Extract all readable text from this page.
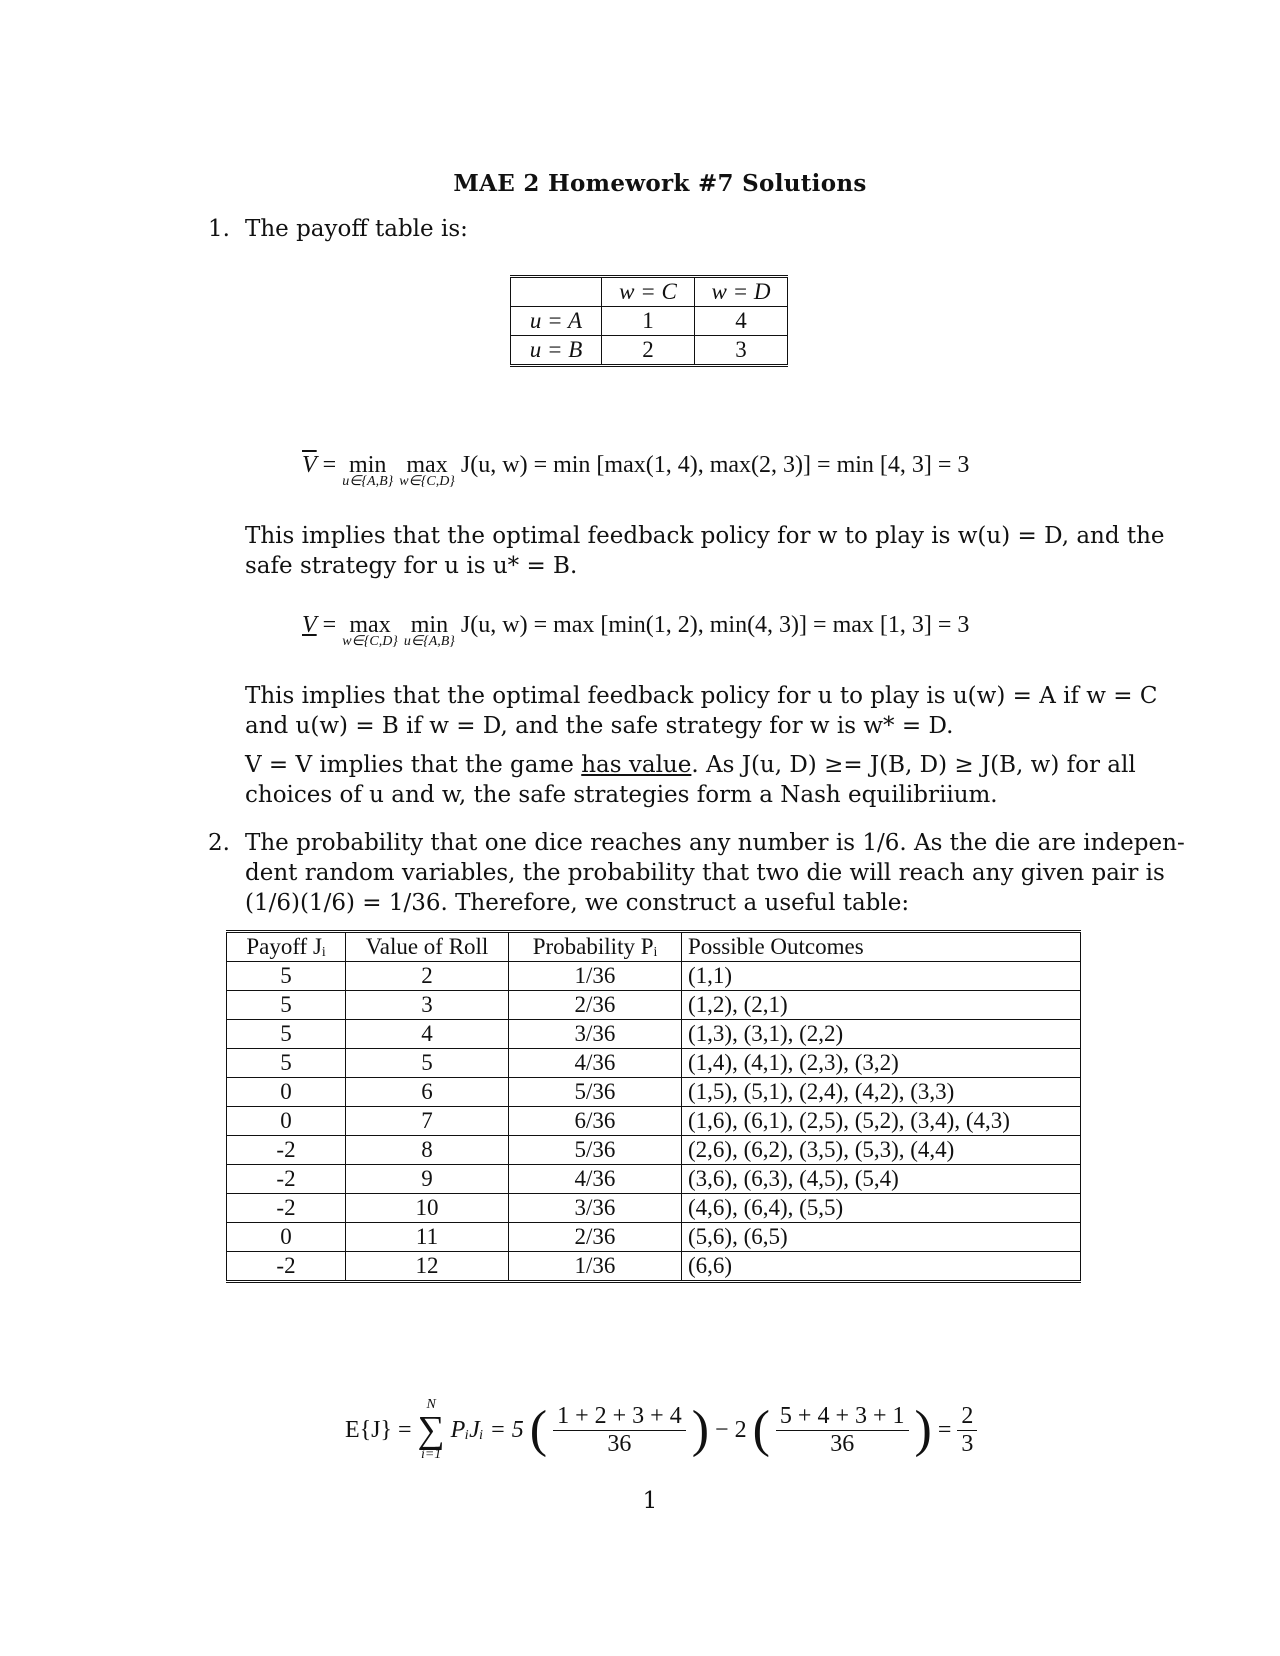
MAE 2 Homework #7 Solutions
1. The payoff table is:
	w = C	w = D
u = A	1	4
u = B	2	3
$\overline{V} = \min$
u∈{A,B}

max
w∈{C,D}
J(u, w) = min [max(1, 4), max(2, 3)] = min [4, 3] = 3
This implies that the optimal feedback policy for w to play is w(u) = D, and the
safe strategy for u is u* = B.
V = max
w∈{C,D}

min
u∈{A,B}
J(u, w) = max [min(1, 2), min(4, 3)] = max [1, 3] = 3
This implies that the optimal feedback policy for u to play is u(w) = A if w = C
and u(w) = B if w = D, and the safe strategy for w is w* = D.
V = V implies that the game has value. As J(u, D) ≥= J(B, D) ≥ J(B, w) for all
choices of u and w, the safe strategies form a Nash equilibriium.
2. The probability that one dice reaches any number is 1/6. As the die are indepen-
dent random variables, the probability that two die will reach any given pair is
(1/6)(1/6) = 1/36. Therefore, we construct a useful table:
Payoff Jᵢ	Value of Roll	Probability Pᵢ	Possible Outcomes
5	2	1/36	(1,1)
5	3	2/36	(1,2), (2,1)
5	4	3/36	(1,3), (3,1), (2,2)
5	5	4/36	(1,4), (4,1), (2,3), (3,2)
0	6	5/36	(1,5), (5,1), (2,4), (4,2), (3,3)
0	7	6/36	(1,6), (6,1), (2,5), (5,2), (3,4), (4,3)
-2	8	5/36	(2,6), (6,2), (3,5), (5,3), (4,4)
-2	9	4/36	(3,6), (6,3), (4,5), (5,4)
-2	10	3/36	(4,6), (6,4), (5,5)
0	11	2/36	(5,6), (6,5)
-2	12	1/36	(6,6)
E{J} =
N
∑
i=1
PᵢJᵢ = 5 ( $\frac{1 + 2 + 3 + 4}{36}$ ) − 2 ( $\frac{5 + 4 + 3 + 1}{36}$ ) = $\frac{2}{3}$
1
